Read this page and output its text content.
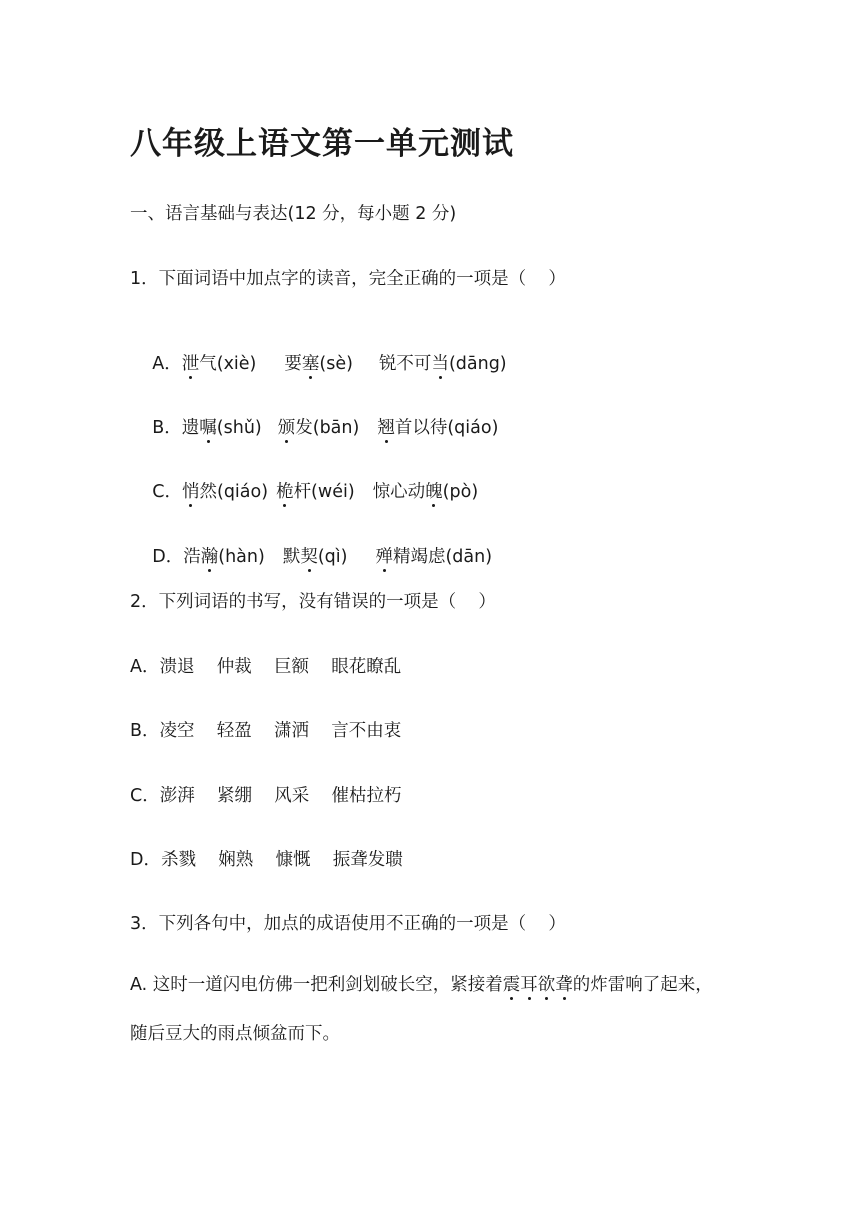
八年级上语文第一单元测试
一、语言基础与表达(12 分，每小题 2 分)
1．下面词语中加点字的读音，完全正确的一项是（    ）

A．泄气(xiè) 要塞(sè) 锐不可当(dāng)

B．遗嘱(shǔ) 颁发(bān) 翘首以待(qiáo)

C．悄然(qiáo) 桅杆(wéi) 惊心动魄(pò)

D．浩瀚(hàn) 默契(qì) 殚精竭虑(dān)

2．下列词语的书写，没有错误的一项是（    ）
A．溃退    仲裁    巨额    眼花瞭乱
B．凌空    轻盈    潇洒    言不由衷
C．澎湃    紧绷    风采    催枯拉朽
D．杀戮    娴熟    慷慨    振聋发聩
3．下列各句中，加点的成语使用不正确的一项是（    ）
A. 这时一道闪电仿佛一把利剑划破长空，紧接着震耳欲聋的炸雷响了起来，
随后豆大的雨点倾盆而下。
